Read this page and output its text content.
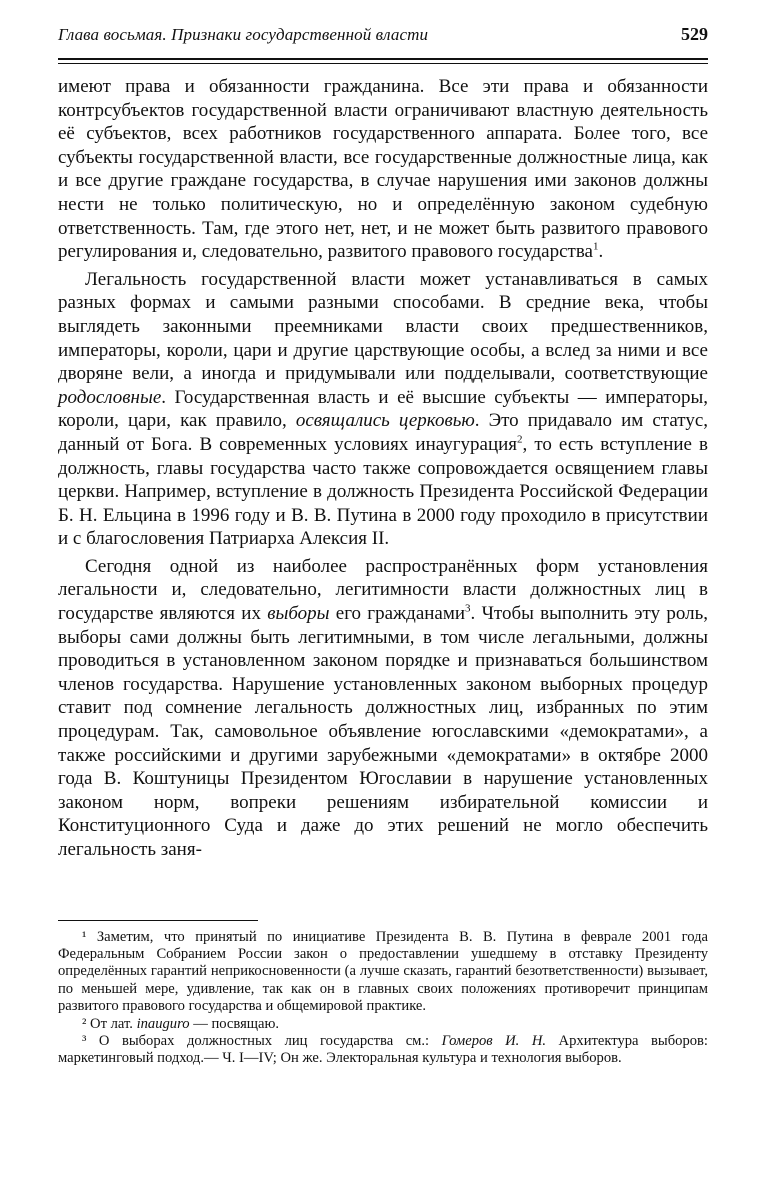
Глава восьмая. Признаки государственной власти	529

имеют права и обязанности гражданина. Все эти права и обязанности контрсубъектов государственной власти ограничивают властную деятельность её субъектов, всех работников государственного аппарата. Более того, все субъекты государственной власти, все государственные должностные лица, как и все другие граждане государства, в случае нарушения ими законов должны нести не только политическую, но и определённую законом судебную ответственность. Там, где этого нет, нет, и не может быть развитого правового регулирования и, следовательно, развитого правового государства$^1$.

Легальность государственной власти может устанавливаться в самых разных формах и самыми разными способами. В средние века, чтобы выглядеть законными преемниками власти своих предшественников, императоры, короли, цари и другие царствующие особы, а вслед за ними и все дворяне вели, а иногда и придумывали или подделывали, соответствующие родословные. Государственная власть и её высшие субъекты — императоры, короли, цари, как правило, освящались церковью. Это придавало им статус, данный от Бога. В современных условиях инаугурация$^2$, то есть вступление в должность, главы государства часто также сопровождается освящением главы церкви. Например, вступление в должность Президента Российской Федерации Б. Н. Ельцина в 1996 году и В. В. Путина в 2000 году проходило в присутствии и с благословения Патриарха Алексия II.

Сегодня одной из наиболее распространённых форм установления легальности и, следовательно, легитимности власти должностных лиц в государстве являются их выборы его гражданами$^3$. Чтобы выполнить эту роль, выборы сами должны быть легитимными, в том числе легальными, должны проводиться в установленном законом порядке и признаваться большинством членов государства. Нарушение установленных законом выборных процедур ставит под сомнение легальность должностных лиц, избранных по этим процедурам. Так, самовольное объявление югославскими «демократами», а также российскими и другими зарубежными «демократами» в октябре 2000 года В. Коштуницы Президентом Югославии в нарушение установленных законом норм, вопреки решениям избирательной комиссии и Конституционного Суда и даже до этих решений не могло обеспечить легальность заня-

¹ Заметим, что принятый по инициативе Президента В. В. Путина в феврале 2001 года Федеральным Собранием России закон о предоставлении ушедшему в отставку Президенту определённых гарантий неприкосновенности (а лучше сказать, гарантий безответственности) вызывает, по меньшей мере, удивление, так как он в главных своих положениях противоречит принципам развитого правового государства и общемировой практике.

² От лат. inauguro — посвящаю.

³ О выборах должностных лиц государства см.: Гомеров И. Н. Архитектура выборов: маркетинговый подход.— Ч. I—IV; Он же. Электоральная культура и технология выборов.
